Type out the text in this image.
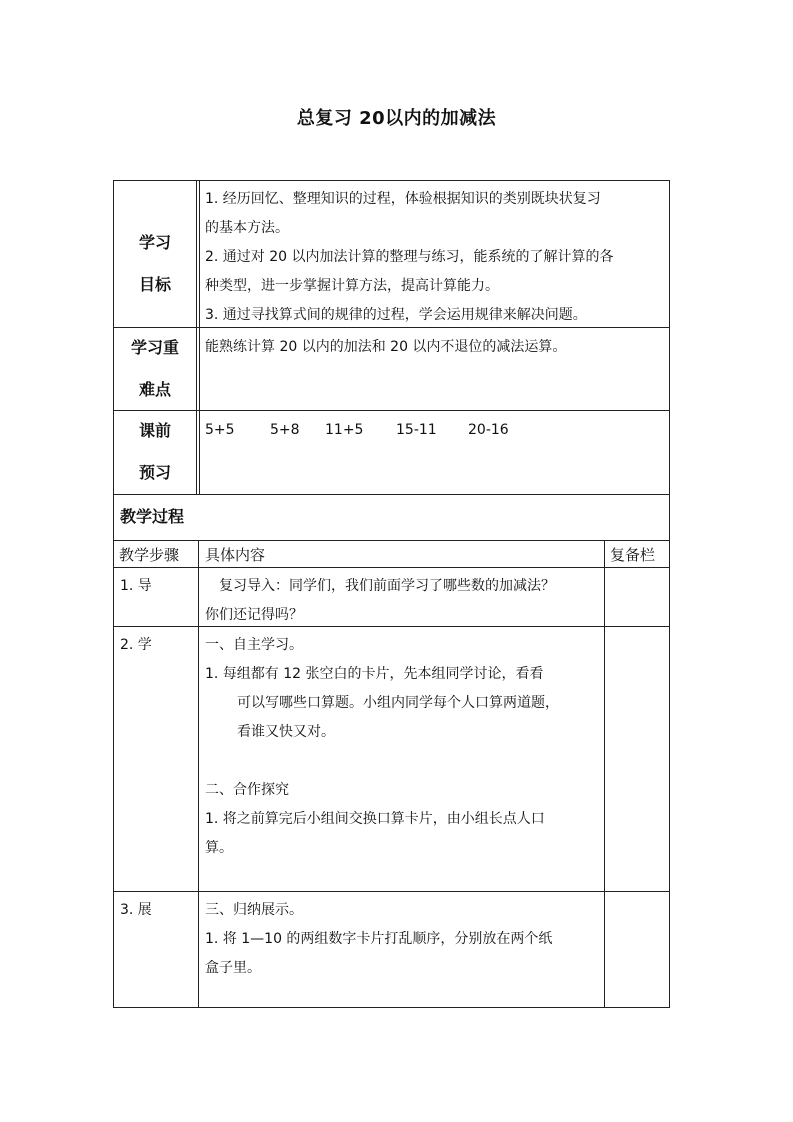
总复习 20以内的加减法
学习
目标
1. 经历回忆、整理知识的过程，体验根据知识的类别既块状复习
的基本方法。
2. 通过对 20 以内加法计算的整理与练习，能系统的了解计算的各
种类型，进一步掌握计算方法，提高计算能力。
3. 通过寻找算式间的规律的过程，学会运用规律来解决问题。
学习重
难点
能熟练计算 20 以内的加法和 20 以内不退位的减法运算。
课前
预习
5+5	5+8 11+5 15-11 20-16
教学过程
教学步骤 具体内容	复备栏
1. 导	复习导入：同学们，我们前面学习了哪些数的加减法？
你们还记得吗？
2. 学	一、自主学习。
1. 每组都有 12 张空白的卡片，先本组同学讨论，看看
可以写哪些口算题。小组内同学每个人口算两道题，
看谁又快又对。
二、合作探究
1. 将之前算完后小组间交换口算卡片，由小组长点人口
算。
3. 展	三、归纳展示。
1. 将 1—10 的两组数字卡片打乱顺序，分别放在两个纸
盒子里。
